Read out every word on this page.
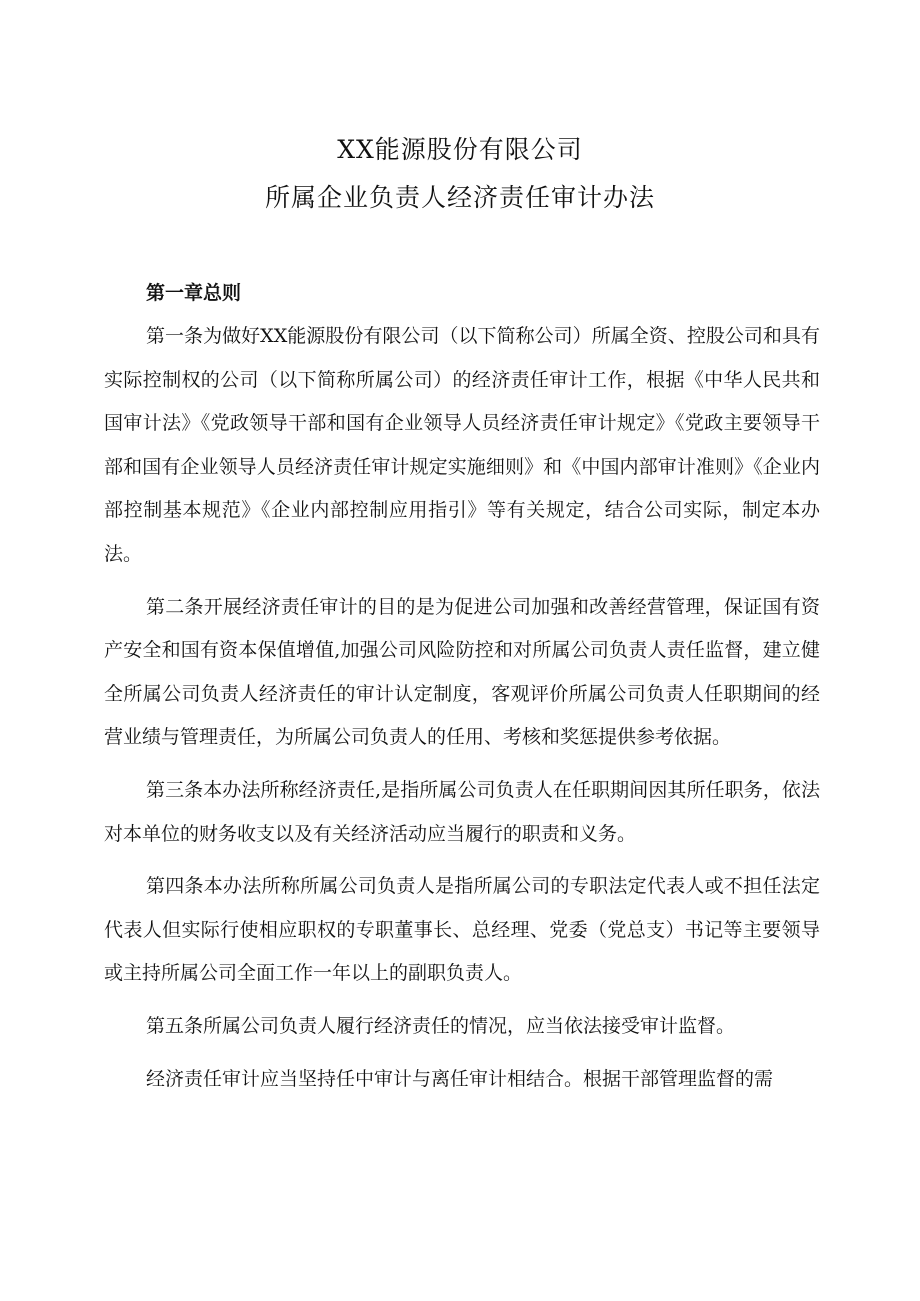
XX能源股份有限公司
所属企业负责人经济责任审计办法
第一章总则

第一条为做好XX能源股份有限公司（以下简称公司）所属全资、控股公司和具有实际控制权的公司（以下简称所属公司）的经济责任审计工作，根据《中华人民共和国审计法》《党政领导干部和国有企业领导人员经济责任审计规定》《党政主要领导干部和国有企业领导人员经济责任审计规定实施细则》和《中国内部审计准则》《企业内部控制基本规范》《企业内部控制应用指引》等有关规定，结合公司实际，制定本办法。

第二条开展经济责任审计的目的是为促进公司加强和改善经营管理，保证国有资产安全和国有资本保值增值,加强公司风险防控和对所属公司负责人责任监督，建立健全所属公司负责人经济责任的审计认定制度，客观评价所属公司负责人任职期间的经营业绩与管理责任，为所属公司负责人的任用、考核和奖惩提供参考依据。

第三条本办法所称经济责任,是指所属公司负责人在任职期间因其所任职务，依法对本单位的财务收支以及有关经济活动应当履行的职责和义务。

第四条本办法所称所属公司负责人是指所属公司的专职法定代表人或不担任法定代表人但实际行使相应职权的专职董事长、总经理、党委（党总支）书记等主要领导或主持所属公司全面工作一年以上的副职负责人。

第五条所属公司负责人履行经济责任的情况，应当依法接受审计监督。

经济责任审计应当坚持任中审计与离任审计相结合。根据干部管理监督的需
